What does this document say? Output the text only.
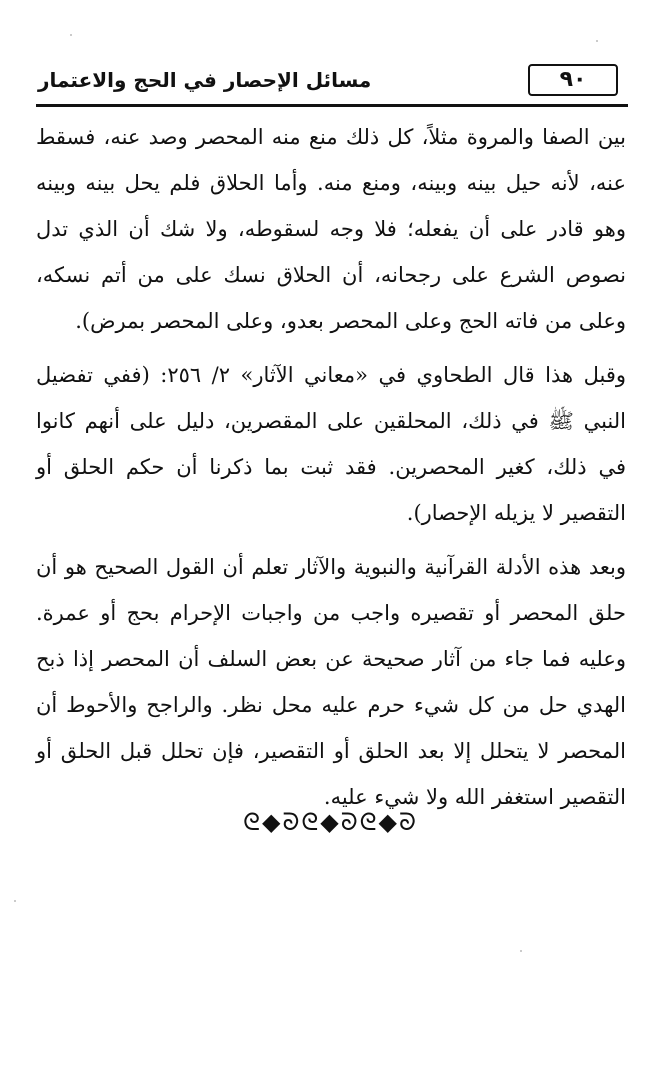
٩٠
مسائل الإحصار في الحج والاعتمار

بين الصفا والمروة مثلاً، كل ذلك منع منه المحصر وصد عنه، فسقط عنه، لأنه حيل بينه وبينه، ومنع منه. وأما الحلاق فلم يحل بينه وبينه وهو قادر على أن يفعله؛ فلا وجه لسقوطه، ولا شك أن الذي تدل نصوص الشرع على رجحانه، أن الحلاق نسك على من أتم نسكه، وعلى من فاته الحج وعلى المحصر بعدو، وعلى المحصر بمرض).

وقبل هذا قال الطحاوي في «معاني الآثار» ٢/ ٢٥٦: (ففي تفضيل النبي ﷺ في ذلك، المحلقين على المقصرين، دليل على أنهم كانوا في ذلك، كغير المحصرين. فقد ثبت بما ذكرنا أن حكم الحلق أو التقصير لا يزيله الإحصار).

وبعد هذه الأدلة القرآنية والنبوية والآثار تعلم أن القول الصحيح هو أن حلق المحصر أو تقصيره واجب من واجبات الإحرام بحج أو عمرة. وعليه فما جاء من آثار صحيحة عن بعض السلف أن المحصر إذا ذبح الهدي حل من كل شيء حرم عليه محل نظر. والراجح والأحوط أن المحصر لا يتحلل إلا بعد الحلق أو التقصير، فإن تحلل قبل الحلق أو التقصير استغفر الله ولا شيء عليه.

ᘓ◆ᘐᘓ◆ᘐᘓ◆ᘐ
